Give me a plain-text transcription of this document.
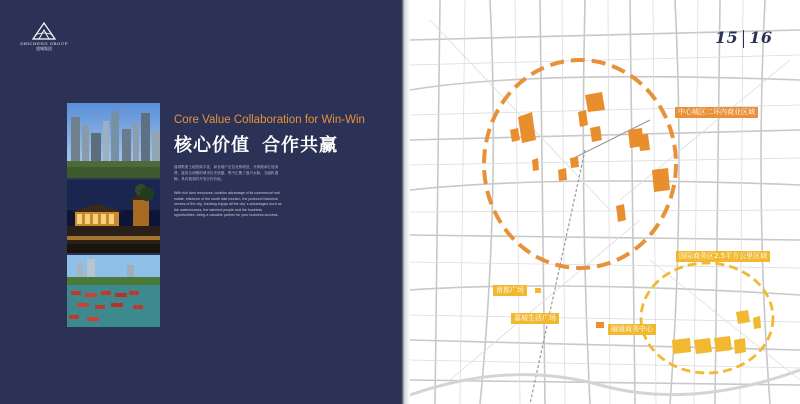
SHICHENG GROUP
盛城集团
Core Value Collaboration for Win-Win
核心价值 合作共赢
盛城集团土地资源丰富，商业地产定位优势明显，开辟继承打造消费，盛世合深聚的城市历史底蕴，集中汇聚了盛兴水脉，交融机遇畅，具有极高的开发合作价值。
With rich land resources, location advantage of its commercial real estate, influence of the south lake tourism, the profound historical senses of the city, Jiaxiang enjoys all the city' s advantages such as the watercourses, the talented people and the business opportunities, being a valuable partner for your business success.
中心城区二环内商业区域
国际商务区2.5平方公里区域
南都广场
嘉城生活广场
融通商务中心
15 16
